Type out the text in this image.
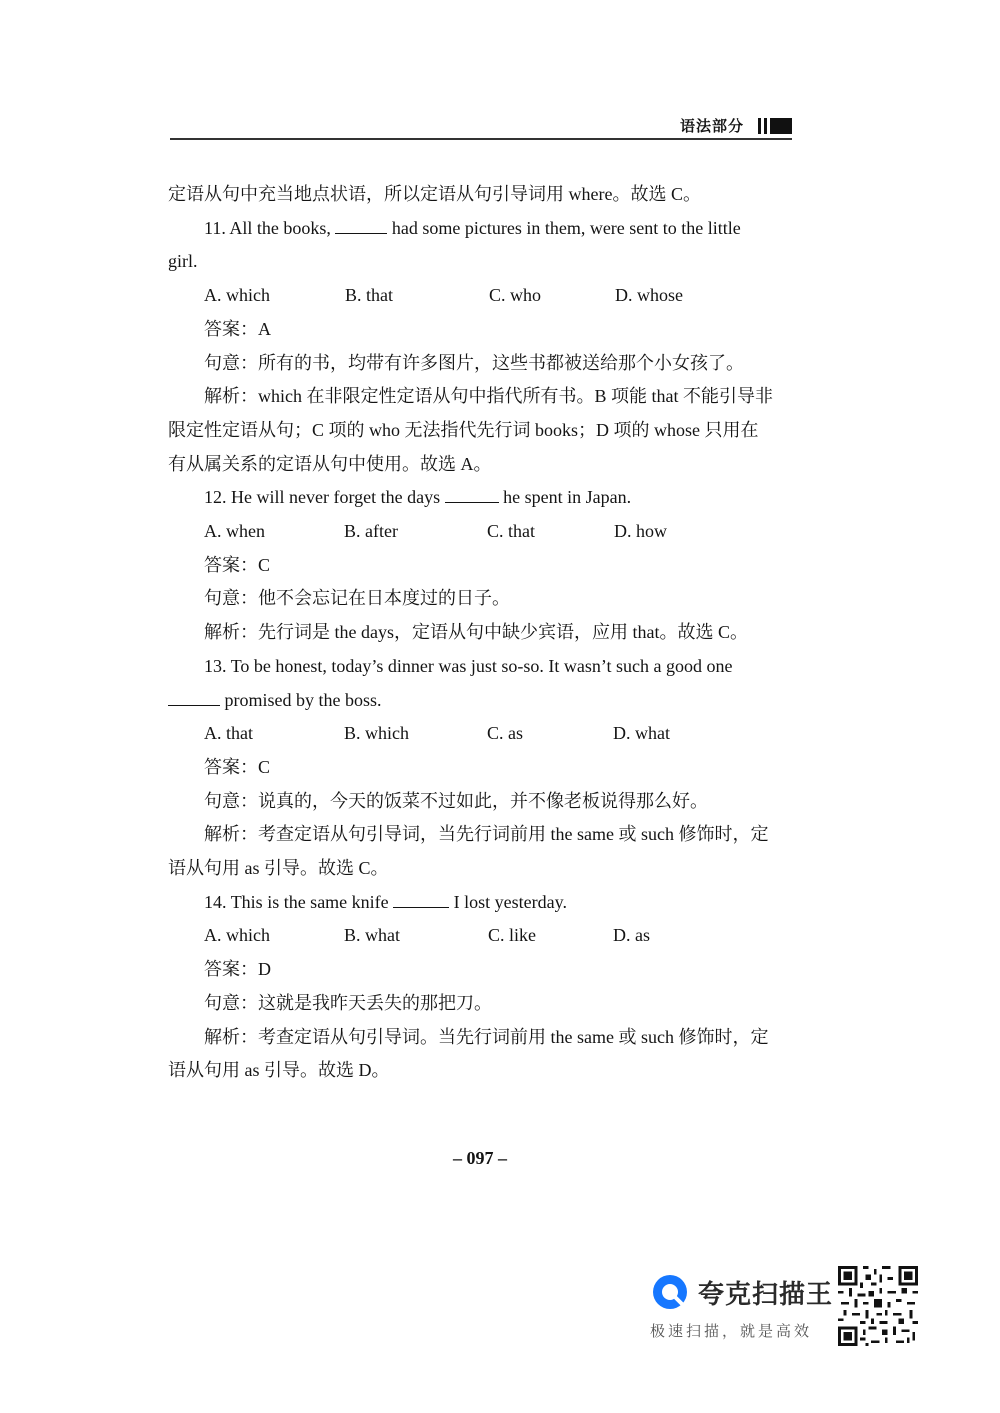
语法部分
定语从句中充当地点状语，所以定语从句引导词用 where。故选 C。
11. All the books,	had some pictures in them, were sent to the little
girl.
A. which	B. that	C. who	D. whose
答案：A
句意：所有的书，均带有许多图片，这些书都被送给那个小女孩了。
解析：which 在非限定性定语从句中指代所有书。B 项能 that 不能引导非
限定性定语从句；C 项的 who 无法指代先行词 books；D 项的 whose 只用在
有从属关系的定语从句中使用。故选 A。
12. He will never forget the days	he spent in Japan.
A. when	B. after	C. that	D. how
答案：C
句意：他不会忘记在日本度过的日子。
解析：先行词是 the days，定语从句中缺少宾语，应用 that。故选 C。
13. To be honest, today’s dinner was just so-so. It wasn’t such a good one
promised by the boss.
A. that	B. which	C. as	D. what
答案：C
句意：说真的，今天的饭菜不过如此，并不像老板说得那么好。
解析：考查定语从句引导词，当先行词前用 the same 或 such 修饰时，定
语从句用 as 引导。故选 C。
14. This is the same knife	I lost yesterday.
A. which	B. what	C. like	D. as
答案：D
句意：这就是我昨天丢失的那把刀。
解析：考查定语从句引导词。当先行词前用 the same 或 such 修饰时，定
语从句用 as 引导。故选 D。
– 097 –
夸克扫描王
极速扫描，就是高效
